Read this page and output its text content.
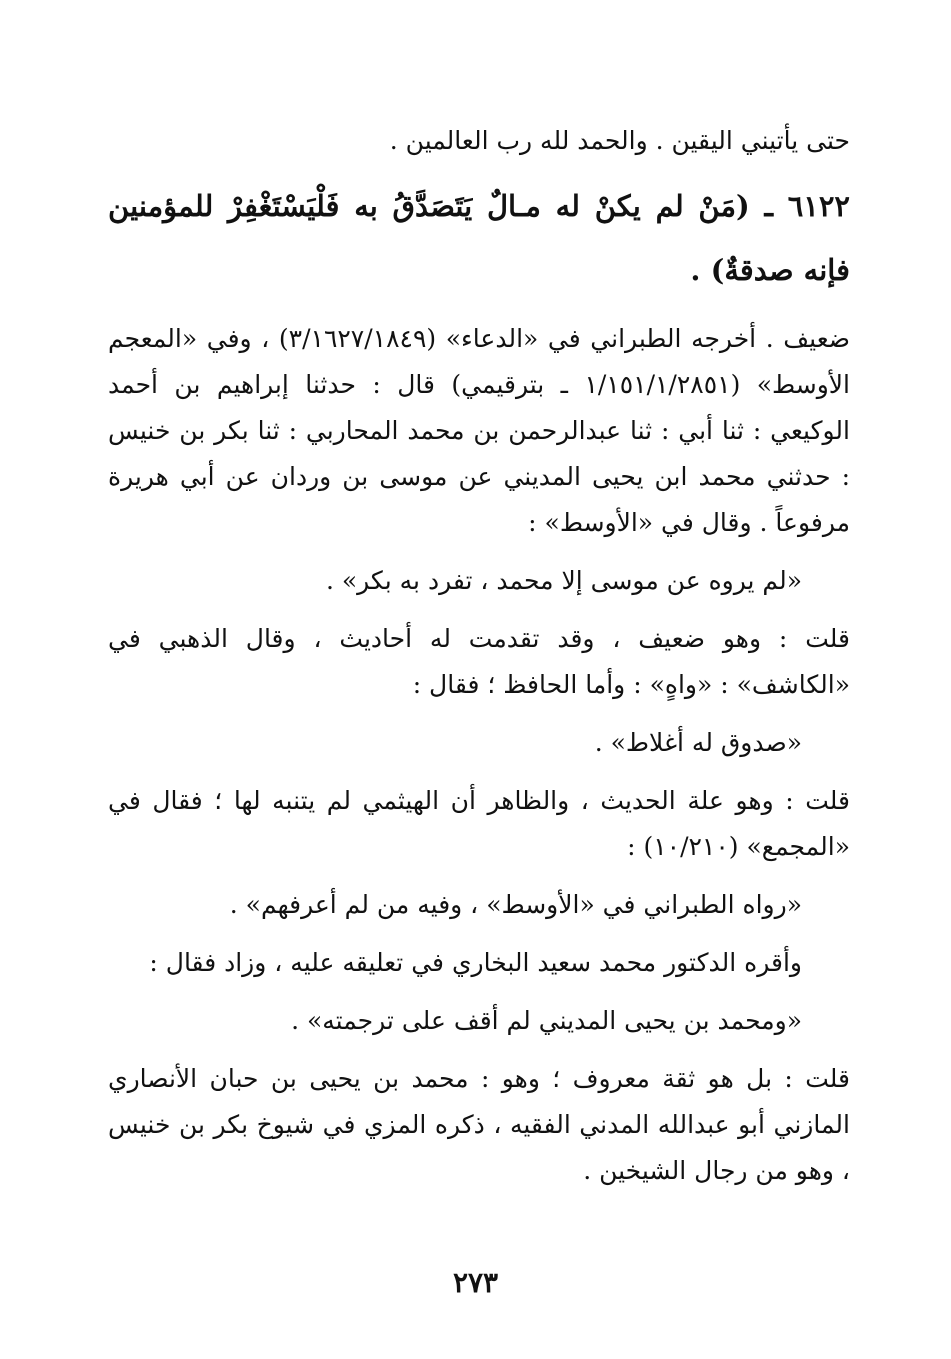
حتى يأتيني اليقين . والحمد لله رب العالمين .

٦١٢٢ ـ (مَنْ لم يكنْ له مـالٌ يَتَصَدَّقُ به فَلْيَسْتَغْفِرْ للمؤمنين فإنه صدقةٌ) .

ضعيف . أخرجه الطبراني في «الدعاء» (٣/١٦٢٧/١٨٤٩) ، وفي «المعجم الأوسط» (١/١٥١/١/٢٨٥١ ـ بترقيمي) قال : حدثنا إبراهيم بن أحمد الوكيعي : ثنا أبي : ثنا عبدالرحمن بن محمد المحاربي : ثنا بكر بن خنيس : حدثني محمد ابن يحيى المديني عن موسى بن وردان عن أبي هريرة مرفوعاً . وقال في «الأوسط» :

«لم يروه عن موسى إلا محمد ، تفرد به بكر» .

قلت : وهو ضعيف ، وقد تقدمت له أحاديث ، وقال الذهبي في «الكاشف» : «واهٍ» : وأما الحافظ ؛ فقال :

«صدوق له أغلاط» .

قلت : وهو علة الحديث ، والظاهر أن الهيثمي لم يتنبه لها ؛ فقال في «المجمع» (١٠/٢١٠) :

«رواه الطبراني في «الأوسط» ، وفيه من لم أعرفهم» .

وأقره الدكتور محمد سعيد البخاري في تعليقه عليه ، وزاد فقال :

«ومحمد بن يحيى المديني لم أقف على ترجمته» .

قلت : بل هو ثقة معروف ؛ وهو : محمد بن يحيى بن حبان الأنصاري المازني أبو عبدالله المدني الفقيه ، ذكره المزي في شيوخ بكر بن خنيس ، وهو من رجال الشيخين .

٢٧٣
